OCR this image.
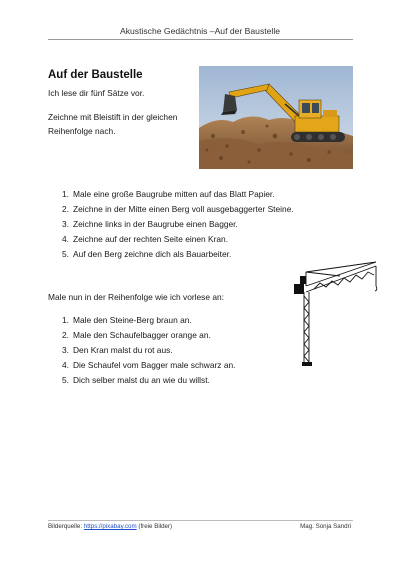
Akustische Gedächtnis –Auf der Baustelle
Auf der Baustelle
Ich lese dir fünf Sätze vor.
Zeichne mit Bleistift in der gleichen Reihenfolge nach.
1. Male eine große Baugrube mitten auf das Blatt Papier.
2. Zeichne in der Mitte einen Berg voll ausgebaggerter Steine.
3. Zeichne links in der Baugrube einen Bagger.
4. Zeichne auf der rechten Seite einen Kran.
5. Auf den Berg zeichne dich als Bauarbeiter.
Male nun in der Reihenfolge wie ich vorlese an:
1. Male den Steine-Berg braun an.
2. Male den Schaufelbagger orange an.
3. Den Kran malst du rot aus.
4. Die Schaufel vom Bagger male schwarz an.
5. Dich selber malst du an wie du willst.
Bilderquelle: https://pixabay.com (freie Bilder)	Mag. Sonja Sandri
